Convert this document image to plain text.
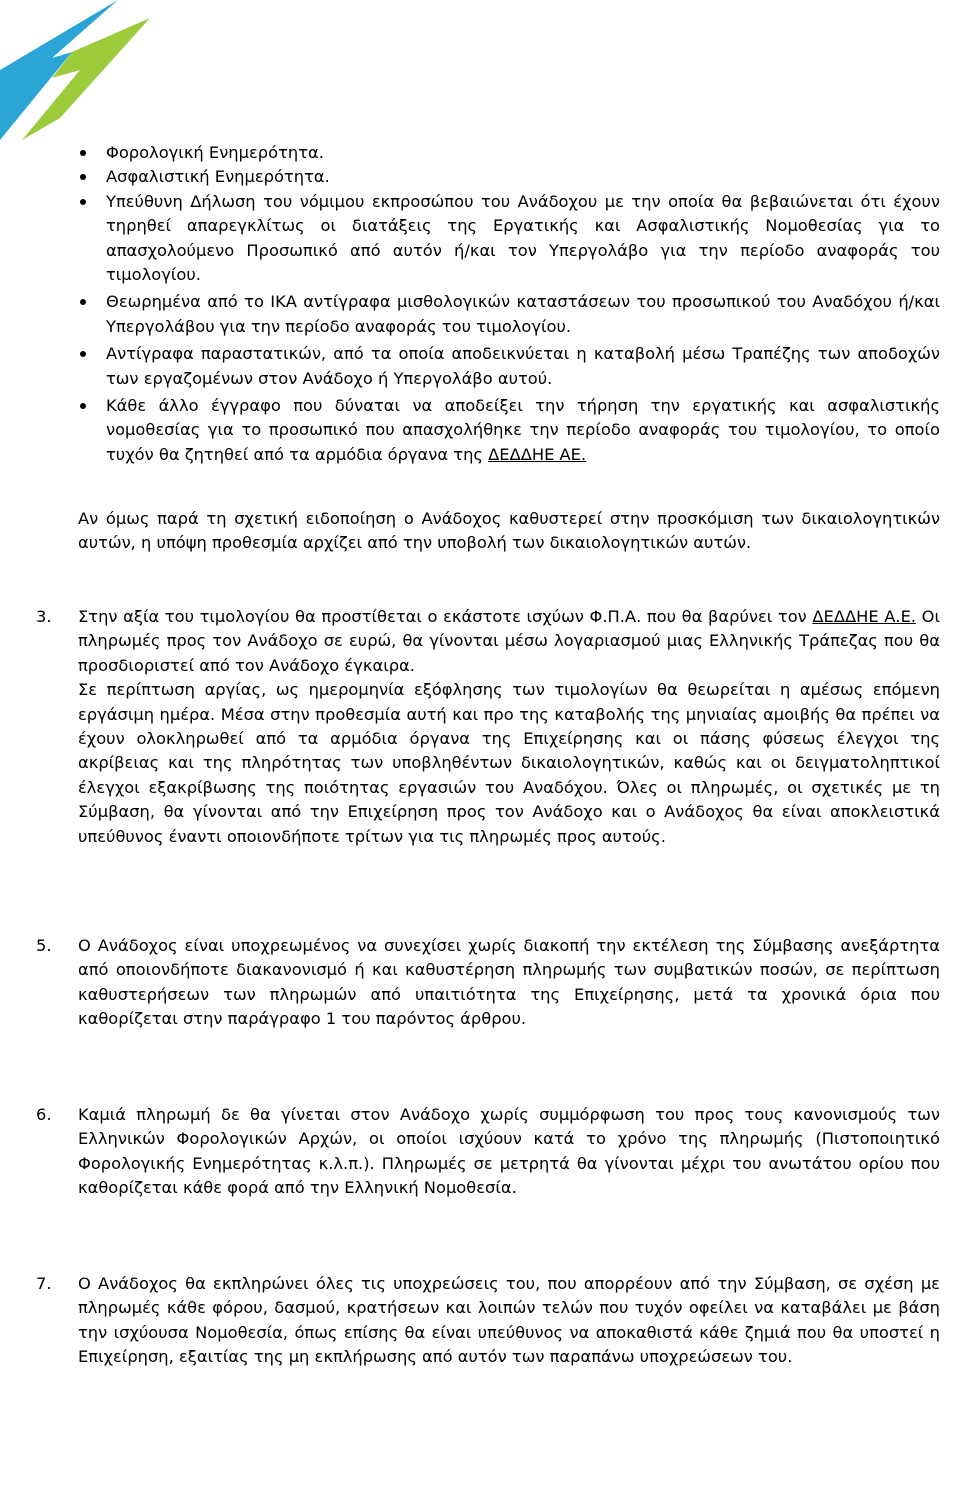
Φορολογική Ενημερότητα.
Ασφαλιστική Ενημερότητα.
Υπεύθυνη Δήλωση του νόμιμου εκπροσώπου του Ανάδοχου με την οποία θα βεβαιώνεται ότι έχουν τηρηθεί απαρεγκλίτως οι διατάξεις της Εργατικής και Ασφαλιστικής Νομοθεσίας για το απασχολούμενο Προσωπικό από αυτόν ή/και τον Υπεργολάβο για την περίοδο αναφοράς του τιμολογίου.
Θεωρημένα από το ΙΚΑ αντίγραφα μισθολογικών καταστάσεων του προσωπικού του Αναδόχου ή/και Υπεργολάβου για την περίοδο αναφοράς του τιμολογίου.
Αντίγραφα παραστατικών, από τα οποία αποδεικνύεται η καταβολή μέσω Τραπέζης των αποδοχών των εργαζομένων στον Ανάδοχο ή Υπεργολάβο αυτού.
Κάθε άλλο έγγραφο που δύναται να αποδείξει την τήρηση την εργατικής και ασφαλιστικής νομοθεσίας για το προσωπικό που απασχολήθηκε την περίοδο αναφοράς του τιμολογίου, το οποίο τυχόν θα ζητηθεί από τα αρμόδια όργανα της ΔΕΔΔΗΕ ΑΕ.

Αν όμως παρά τη σχετική ειδοποίηση ο Ανάδοχος καθυστερεί στην προσκόμιση των δικαιολογητικών αυτών, η υπόψη προθεσμία αρχίζει από την υποβολή των δικαιολογητικών αυτών.

3. Στην αξία του τιμολογίου θα προστίθεται ο εκάστοτε ισχύων Φ.Π.Α. που θα βαρύνει τον ΔΕΔΔΗΕ Α.Ε. Οι πληρωμές προς τον Ανάδοχο σε ευρώ, θα γίνονται μέσω λογαριασμού μιας Ελληνικής Τράπεζας που θα προσδιοριστεί από τον Ανάδοχο έγκαιρα.

Σε περίπτωση αργίας, ως ημερομηνία εξόφλησης των τιμολογίων θα θεωρείται η αμέσως επόμενη εργάσιμη ημέρα. Μέσα στην προθεσμία αυτή και προ της καταβολής της μηνιαίας αμοιβής θα πρέπει να έχουν ολοκληρωθεί από τα αρμόδια όργανα της Επιχείρησης και οι πάσης φύσεως έλεγχοι της ακρίβειας και της πληρότητας των υποβληθέντων δικαιολογητικών, καθώς και οι δειγματοληπτικοί έλεγχοι εξακρίβωσης της ποιότητας εργασιών του Αναδόχου. Όλες οι πληρωμές, οι σχετικές με τη Σύμβαση, θα γίνονται από την Επιχείρηση προς τον Ανάδοχο και ο Ανάδοχος θα είναι αποκλειστικά υπεύθυνος έναντι οποιονδήποτε τρίτων για τις πληρωμές προς αυτούς.

5. Ο Ανάδοχος είναι υποχρεωμένος να συνεχίσει χωρίς διακοπή την εκτέλεση της Σύμβασης ανεξάρτητα από οποιονδήποτε διακανονισμό ή και καθυστέρηση πληρωμής των συμβατικών ποσών, σε περίπτωση καθυστερήσεων των πληρωμών από υπαιτιότητα της Επιχείρησης, μετά τα χρονικά όρια που καθορίζεται στην παράγραφο 1 του παρόντος άρθρου.

6. Καμιά πληρωμή δε θα γίνεται στον Ανάδοχο χωρίς συμμόρφωση του προς τους κανονισμούς των Ελληνικών Φορολογικών Αρχών, οι οποίοι ισχύουν κατά το χρόνο της πληρωμής (Πιστοποιητικό Φορολογικής Ενημερότητας κ.λ.π.). Πληρωμές σε μετρητά θα γίνονται μέχρι του ανωτάτου ορίου που καθορίζεται κάθε φορά από την Ελληνική Νομοθεσία.

7. Ο Ανάδοχος θα εκπληρώνει όλες τις υποχρεώσεις του, που απορρέουν από την Σύμβαση, σε σχέση με πληρωμές κάθε φόρου, δασμού, κρατήσεων και λοιπών τελών που τυχόν οφείλει να καταβάλει με βάση την ισχύουσα Νομοθεσία, όπως επίσης θα είναι υπεύθυνος να αποκαθιστά κάθε ζημιά που θα υποστεί η Επιχείρηση, εξαιτίας της μη εκπλήρωσης από αυτόν των παραπάνω υποχρεώσεων του.
